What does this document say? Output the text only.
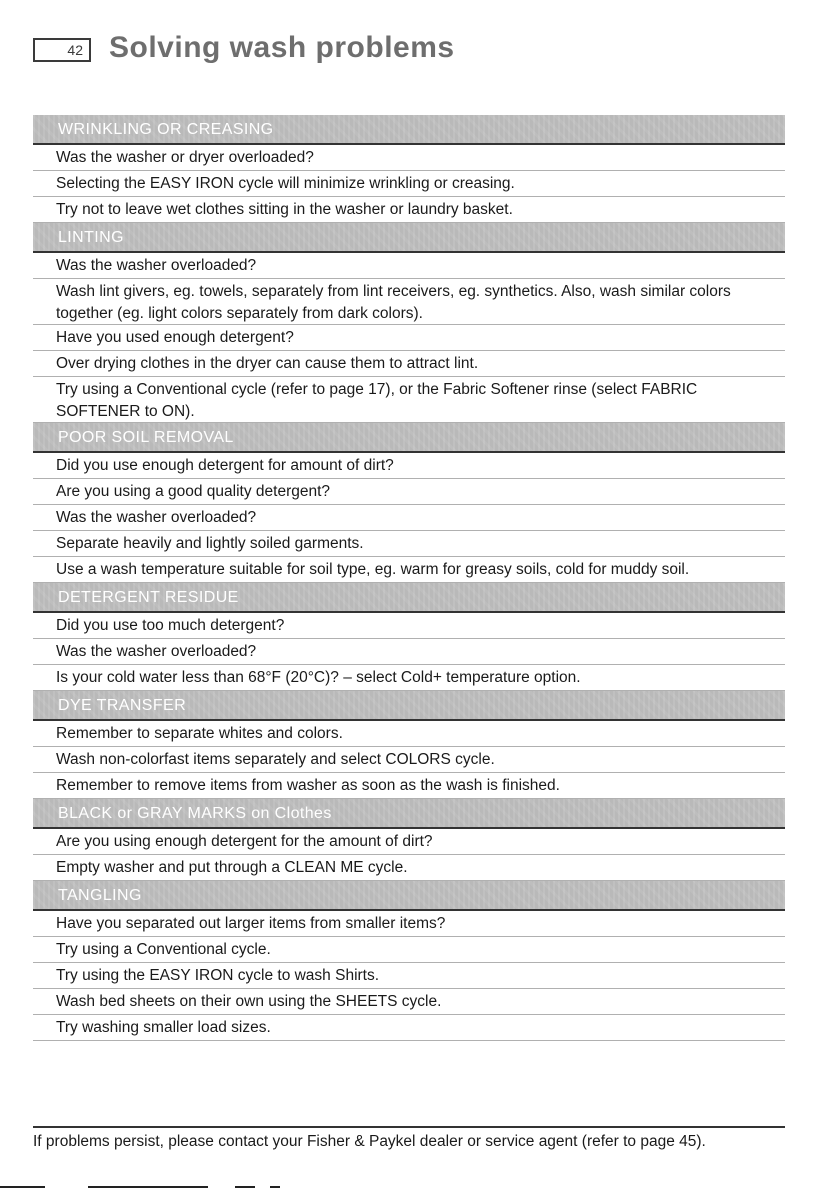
42 Solving wash problems
WRINKLING OR CREASING
Was the washer or dryer overloaded?
Selecting the EASY IRON cycle will minimize wrinkling or creasing.
Try not to leave wet clothes sitting in the washer or laundry basket.
LINTING
Was the washer overloaded?
Wash lint givers, eg. towels, separately from lint receivers, eg. synthetics. Also, wash similar colors together (eg. light colors separately from dark colors).
Have you used enough detergent?
Over drying clothes in the dryer can cause them to attract lint.
Try using a Conventional cycle (refer to page 17), or the Fabric Softener rinse (select FABRIC SOFTENER to ON).
POOR SOIL REMOVAL
Did you use enough detergent for amount of dirt?
Are you using a good quality detergent?
Was the washer overloaded?
Separate heavily and lightly soiled garments.
Use a wash temperature suitable for soil type, eg. warm for greasy soils, cold for muddy soil.
DETERGENT RESIDUE
Did you use too much detergent?
Was the washer overloaded?
Is your cold water less than 68°F (20°C)? – select Cold+ temperature option.
DYE TRANSFER
Remember to separate whites and colors.
Wash non-colorfast items separately and select COLORS cycle.
Remember to remove items from washer as soon as the wash is finished.
BLACK or GRAY MARKS on Clothes
Are you using enough detergent for the amount of dirt?
Empty washer and put through a CLEAN ME cycle.
TANGLING
Have you separated out larger items from smaller items?
Try using a Conventional cycle.
Try using the EASY IRON cycle to wash Shirts.
Wash bed sheets on their own using the SHEETS cycle.
Try washing smaller load sizes.
If problems persist, please contact your Fisher & Paykel dealer or service agent (refer to page 45).
